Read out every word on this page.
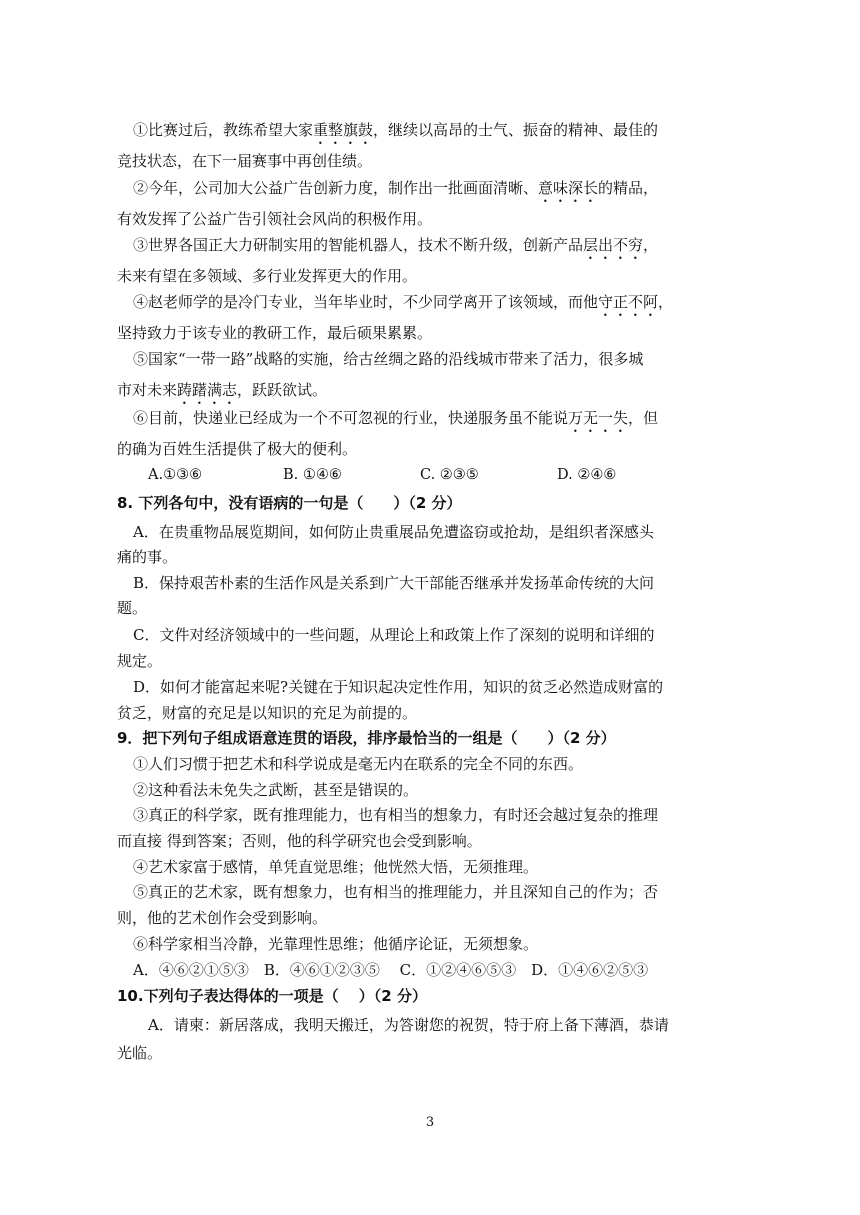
①比赛过后，教练希望大家重整旗鼓，继续以高昂的士气、振奋的精神、最佳的
竞技状态，在下一届赛事中再创佳绩。
②今年，公司加大公益广告创新力度，制作出一批画面清晰、意味深长的精品，
有效发挥了公益广告引领社会风尚的积极作用。
③世界各国正大力研制实用的智能机器人，技术不断升级，创新产品层出不穷，
未来有望在多领域、多行业发挥更大的作用。
④赵老师学的是冷门专业，当年毕业时，不少同学离开了该领域，而他守正不阿，
坚持致力于该专业的教研工作，最后硕果累累。
⑤国家“一带一路”战略的实施，给古丝绸之路的沿线城市带来了活力，很多城
市对未来踌躇满志，跃跃欲试。
⑥目前，快递业已经成为一个不可忽视的行业，快递服务虽不能说万无一失，但
的确为百姓生活提供了极大的便利。
A.①③⑥	B. ①④⑥	C. ②③⑤	D. ②④⑥
8. 下列各句中，没有语病的一句是（　　）（2 分）
A．在贵重物品展览期间，如何防止贵重展品免遭盗窃或抢劫，是组织者深感头
痛的事。
B．保持艰苦朴素的生活作风是关系到广大干部能否继承并发扬革命传统的大问
题。
C．文件对经济领域中的一些问题，从理论上和政策上作了深刻的说明和详细的
规定。
D．如何才能富起来呢?关键在于知识起决定性作用，知识的贫乏必然造成财富的
贫乏，财富的充足是以知识的充足为前提的。
9．把下列句子组成语意连贯的语段，排序最恰当的一组是（　　）（2 分）
①人们习惯于把艺术和科学说成是毫无内在联系的完全不同的东西。
②这种看法未免失之武断，甚至是错误的。
③真正的科学家，既有推理能力，也有相当的想象力，有时还会越过复杂的推理
而直接 得到答案；否则，他的科学研究也会受到影响。
④艺术家富于感情，单凭直觉思维；他恍然大悟，无须推理。
⑤真正的艺术家，既有想象力，也有相当的推理能力，并且深知自己的作为；否
则，他的艺术创作会受到影响。
⑥科学家相当冷静，光靠理性思维；他循序论证，无须想象。
A．④⑥②①⑤③　B．④⑥①②③⑤　 C．①②④⑥⑤③　D．①④⑥②⑤③
10.下列句子表达得体的一项是（　 ）（2 分）
A．请柬：新居落成，我明天搬迁，为答谢您的祝贺，特于府上备下薄酒，恭请
光临。
3
